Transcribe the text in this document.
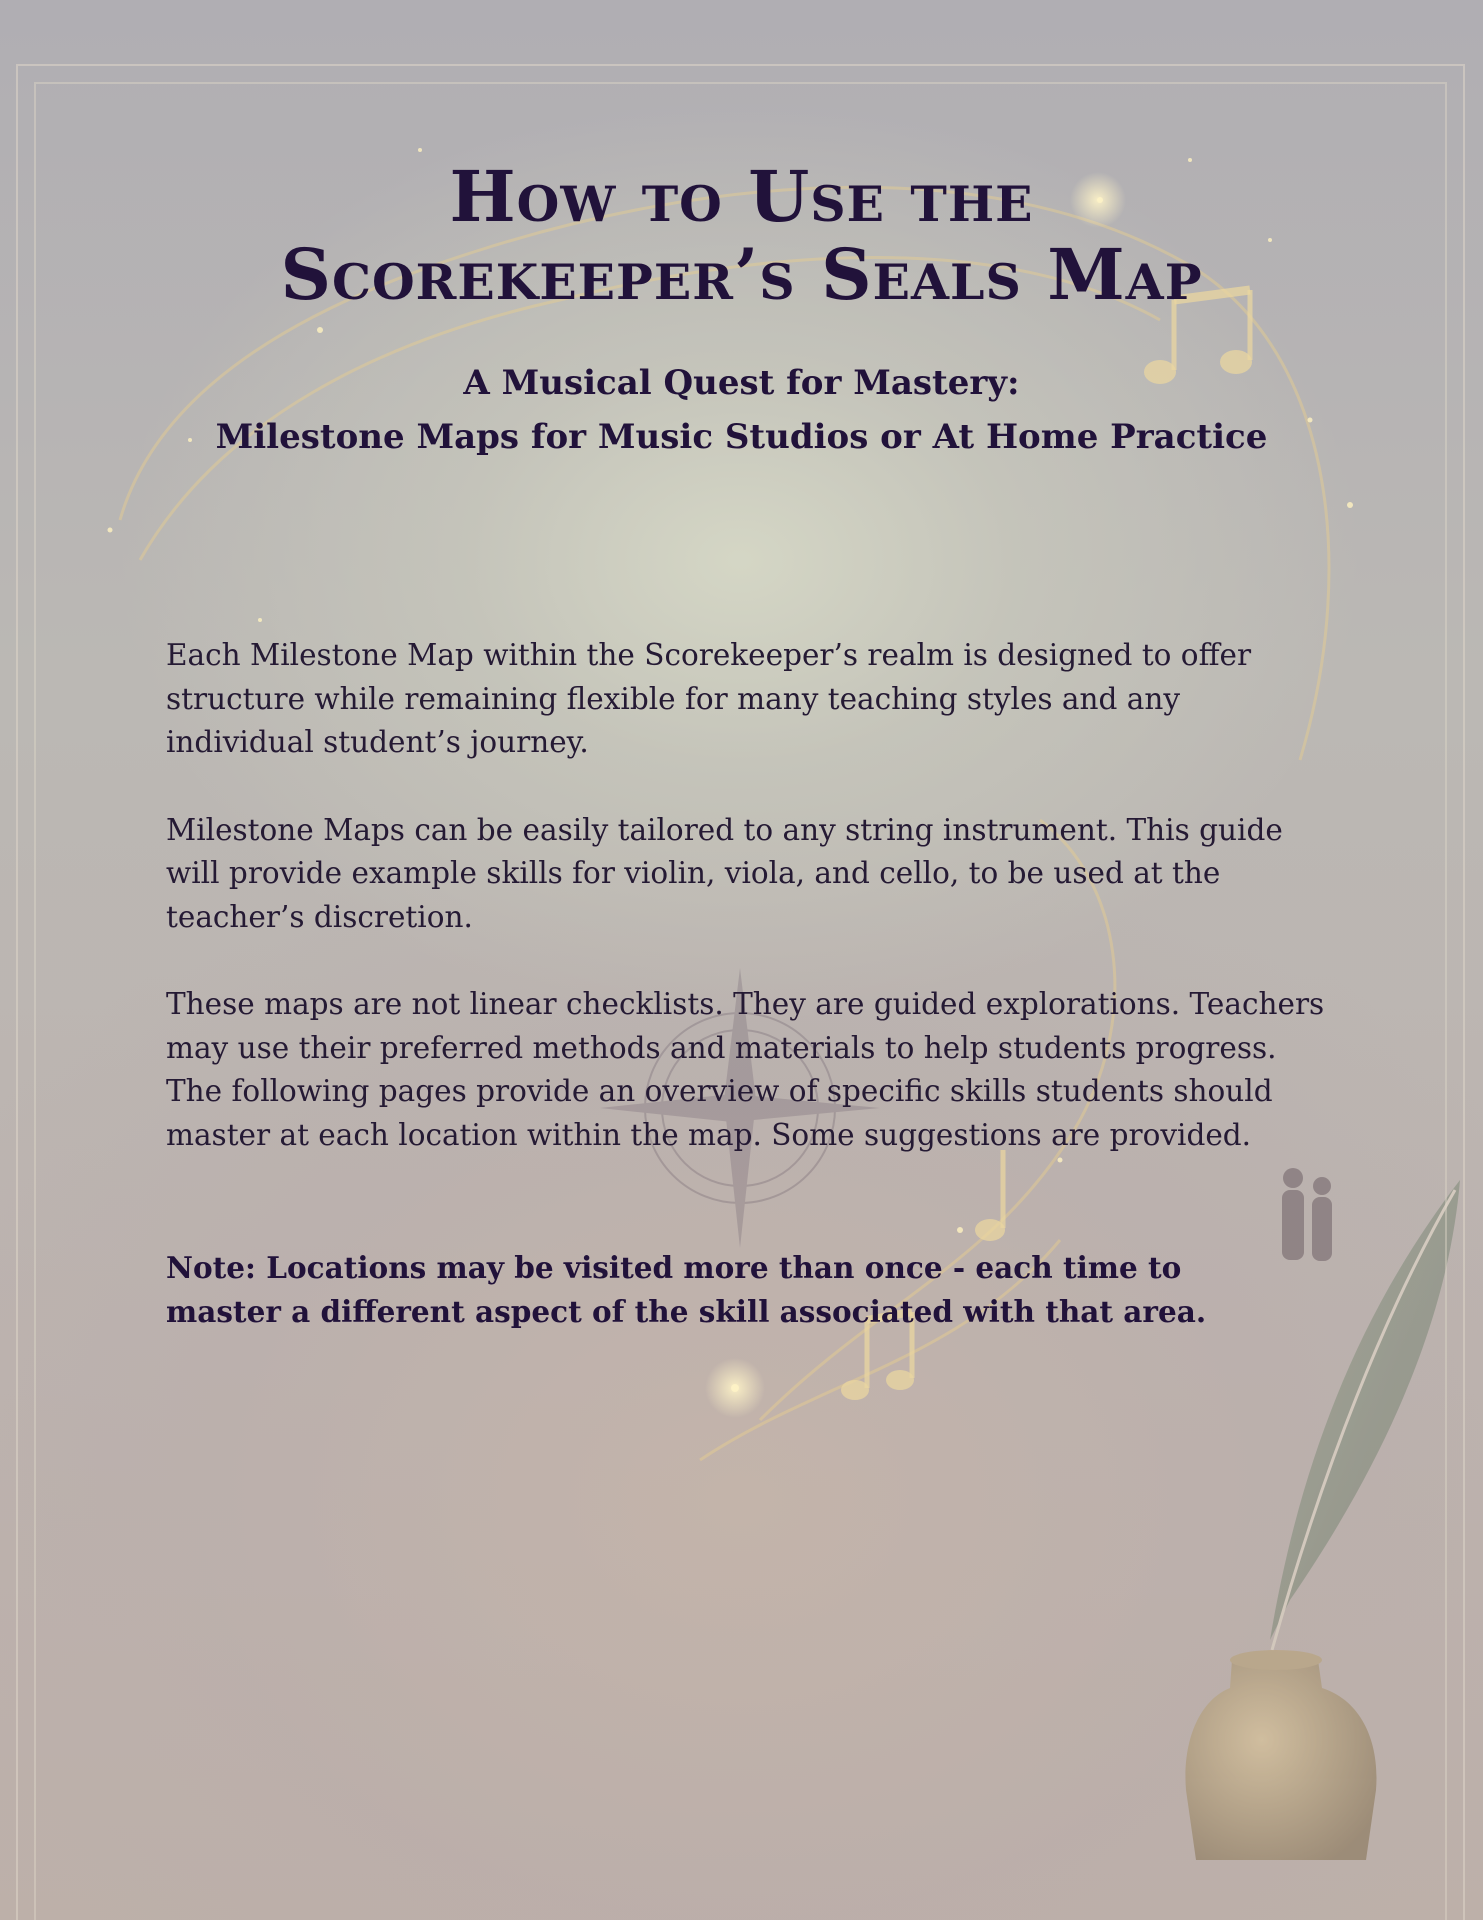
How to Use the
Scorekeeper’s Seals Map
A Musical Quest for Mastery:
Milestone Maps for Music Studios or At Home Practice

Each Milestone Map within the Scorekeeper’s realm is designed to offer structure while remaining flexible for many teaching styles and any individual student’s journey.

Milestone Maps can be easily tailored to any string instrument. This guide will provide example skills for violin, viola, and cello, to be used at the teacher’s discretion.

These maps are not linear checklists. They are guided explorations. Teachers may use their preferred methods and materials to help students progress. The following pages provide an overview of specific skills students should master at each location within the map. Some suggestions are provided.

Note: Locations may be visited more than once - each time to master a different aspect of the skill associated with that area.
